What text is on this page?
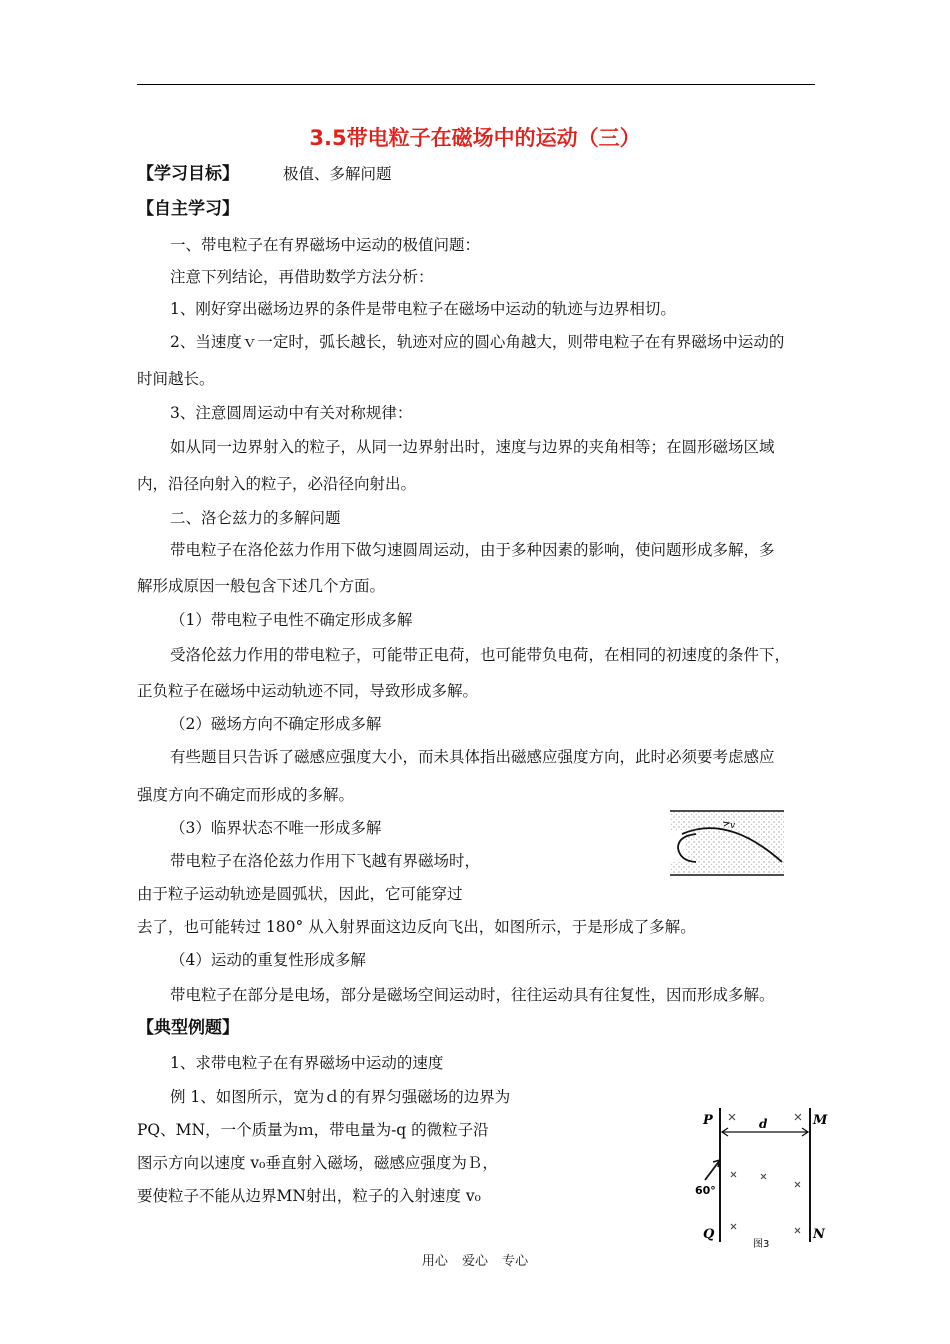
3.5带电粒子在磁场中的运动（三）
【学习目标】	极值、多解问题
【自主学习】
一、带电粒子在有界磁场中运动的极值问题：
注意下列结论，再借助数学方法分析：
1、刚好穿出磁场边界的条件是带电粒子在磁场中运动的轨迹与边界相切。
2、当速度ｖ一定时，弧长越长，轨迹对应的圆心角越大，则带电粒子在有界磁场中运动的
时间越长。
3、注意圆周运动中有关对称规律：
如从同一边界射入的粒子，从同一边界射出时，速度与边界的夹角相等；在圆形磁场区域
内，沿径向射入的粒子，必沿径向射出。
二、洛仑兹力的多解问题
带电粒子在洛伦兹力作用下做匀速圆周运动，由于多种因素的影响，使问题形成多解，多
解形成原因一般包含下述几个方面。
（1）带电粒子电性不确定形成多解
受洛伦兹力作用的带电粒子，可能带正电荷，也可能带负电荷，在相同的初速度的条件下，
正负粒子在磁场中运动轨迹不同，导致形成多解。
（2）磁场方向不确定形成多解
有些题目只告诉了磁感应强度大小，而未具体指出磁感应强度方向，此时必须要考虑感应
强度方向不确定而形成的多解。
（3）临界状态不唯一形成多解
带电粒子在洛伦兹力作用下飞越有界磁场时，
由于粒子运动轨迹是圆弧状，因此，它可能穿过
去了，也可能转过 180° 从入射界面这边反向飞出，如图所示，于是形成了多解。
（4）运动的重复性形成多解
带电粒子在部分是电场，部分是磁场空间运动时，往往运动具有往复性，因而形成多解。
【典型例题】
1、求带电粒子在有界磁场中运动的速度
例 1、如图所示，宽为ｄ的有界匀强磁场的边界为
PQ、MN，一个质量为ｍ，带电量为-q 的微粒子沿
图示方向以速度 v₀垂直射入磁场，磁感应强度为Ｂ，
要使粒子不能从边界MN射出，粒子的入射速度 v₀
v
P
Q
M
N
d
60°
图3
用心 爱心 专心
